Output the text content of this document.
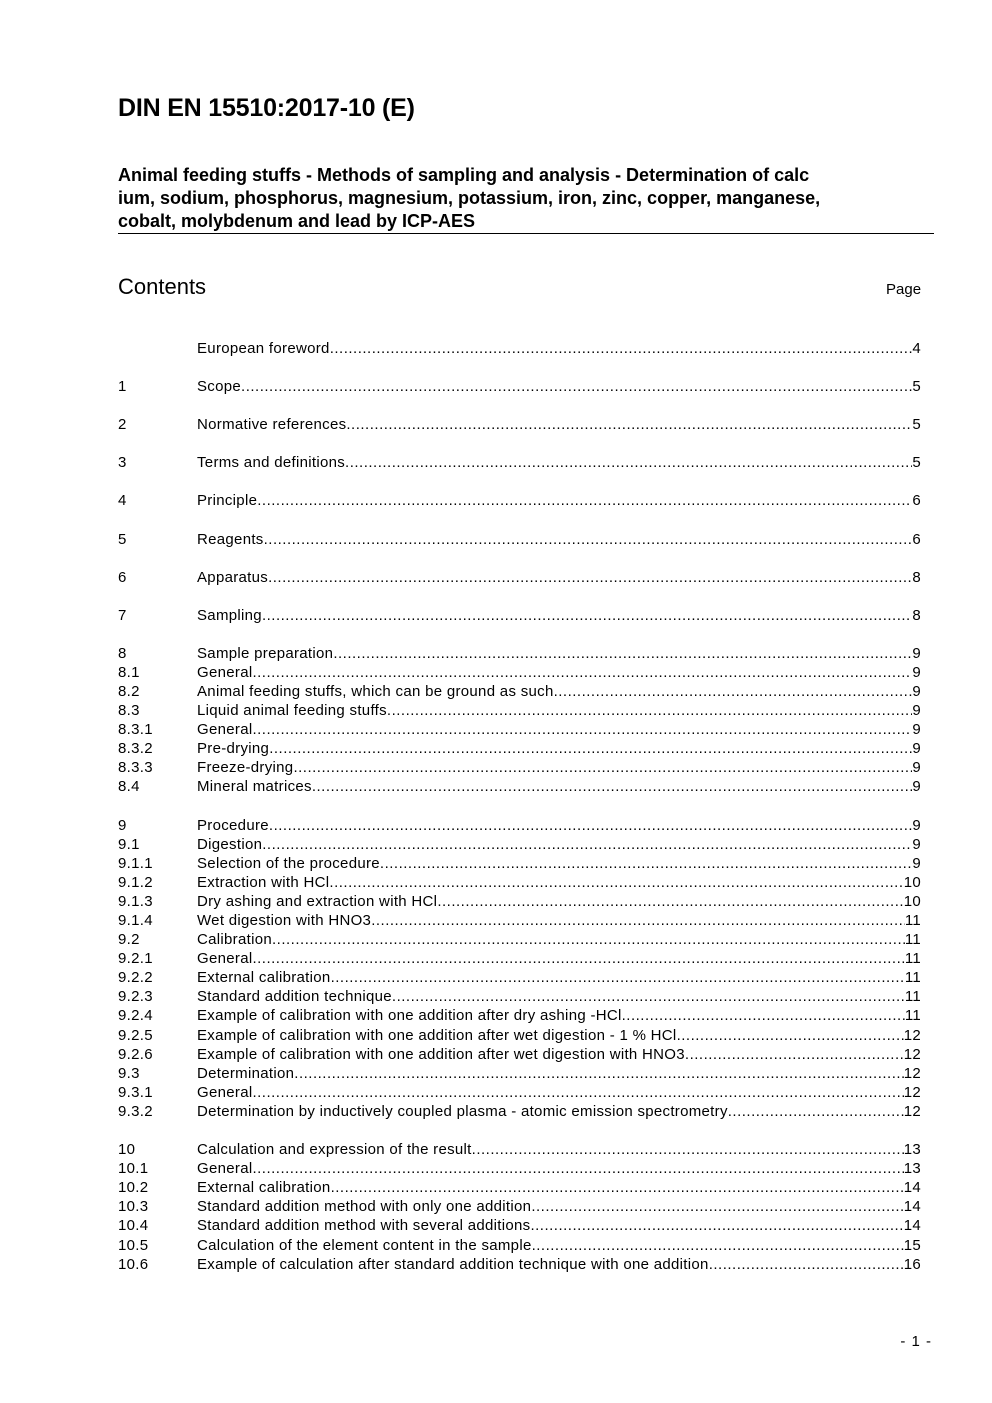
DIN EN 15510:2017-10 (E)
Animal feeding stuffs - Methods of sampling and analysis - Determination of calc
ium, sodium, phosphorus, magnesium, potassium, iron, zinc, copper, manganese,
cobalt, molybdenum and lead by ICP-AES
Contents	Page
European foreword .....	4
1	Scope .....	5
2	Normative references .....	5
3	Terms and definitions .....	5
4	Principle .....	6
5	Reagents .....	6
6	Apparatus .....	8
7	Sampling .....	8
8	Sample preparation .....	9
8.1	General .....	9
8.2	Animal feeding stuffs, which can be ground as such .....	9
8.3	Liquid animal feeding stuffs .....	9
8.3.1	General .....	9
8.3.2	Pre-drying .....	9
8.3.3	Freeze-drying .....	9
8.4	Mineral matrices .....	9
9	Procedure .....	9
9.1	Digestion .....	9
9.1.1	Selection of the procedure .....	9
9.1.2	Extraction with HCl .....	10
9.1.3	Dry ashing and extraction with HCl .....	10
9.1.4	Wet digestion with HNO3 .....	11
9.2	Calibration .....	11
9.2.1	General .....	11
9.2.2	External calibration .....	11
9.2.3	Standard addition technique .....	11
9.2.4	Example of calibration with one addition after dry ashing -HCl .....	11
9.2.5	Example of calibration with one addition after wet digestion - 1 % HCl .....	12
9.2.6	Example of calibration with one addition after wet digestion with HNO3 .....	12
9.3	Determination .....	12
9.3.1	General .....	12
9.3.2	Determination by inductively coupled plasma - atomic emission spectrometry .....	12
10	Calculation and expression of the result .....	13
10.1	General .....	13
10.2	External calibration .....	14
10.3	Standard addition method with only one addition .....	14
10.4	Standard addition method with several additions .....	14
10.5	Calculation of the element content in the sample .....	15
10.6	Example of calculation after standard addition technique with one addition .....	16
- 1 -
